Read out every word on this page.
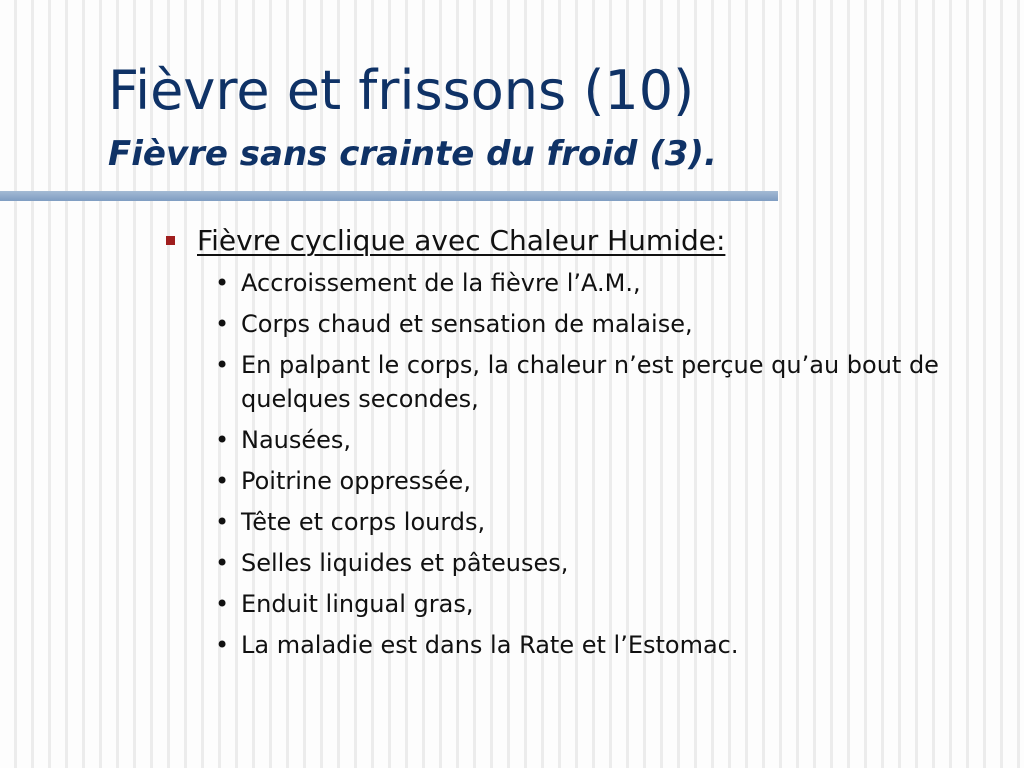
Fièvre et frissons (10)
Fièvre sans crainte du froid (3).
Fièvre cyclique avec Chaleur Humide:
• Accroissement de la fièvre l’A.M.,
• Corps chaud et sensation de malaise,
• En palpant le corps, la chaleur n’est perçue qu’au bout de quelques secondes,
• Nausées,
• Poitrine oppressée,
• Tête et corps lourds,
• Selles liquides et pâteuses,
• Enduit lingual gras,
• La maladie est dans la Rate et l’Estomac.
